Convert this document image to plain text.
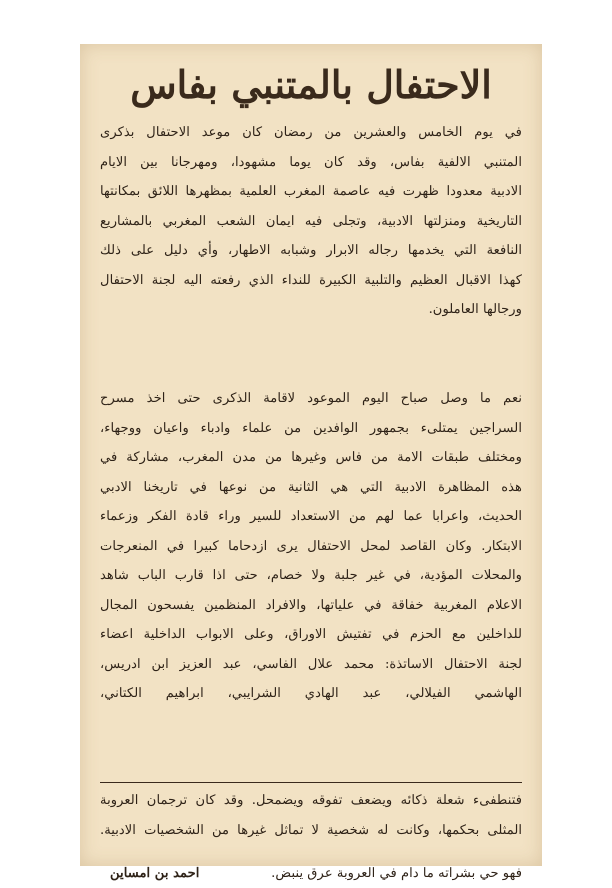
الاحتفال بالمتنبي بفاس
في يوم الخامس والعشرين من رمضان كان موعد الاحتفال بذكرى
المتنبي الالفية بفاس، وقد كان يوما مشهودا، ومهرجانا بين الايام
الادبية معدودا ظهرت فيه عاصمة المغرب العلمية بمظهرها اللائق بمكانتها
التاريخية ومنزلتها الادبية، وتجلى فيه ايمان الشعب المغربي بالمشاريع
النافعة التي يخدمها رجاله الابرار وشبابه الاطهار، وأي دليل على ذلك
كهذا الاقبال العظيم والتلبية الكبيرة للنداء الذي رفعته اليه لجنة الاحتفال
ورجالها العاملون.
نعم ما وصل صباح اليوم الموعود لاقامة الذكرى حتى اخذ مسرح
السراجين يمتلىء بجمهور الوافدين من علماء وادباء واعيان ووجهاء،
ومختلف طبقات الامة من فاس وغيرها من مدن المغرب، مشاركة في
هذه المظاهرة الادبية التي هي الثانية من نوعها في تاريخنا الادبي
الحديث، واعرابا عما لهم من الاستعداد للسير وراء قادة الفكر وزعماء
الابتكار. وكان القاصد لمحل الاحتفال يرى ازدحاما كبيرا في المنعرجات
والمحلات المؤدية، في غير جلبة ولا خصام، حتى اذا قارب الباب شاهد
الاعلام المغربية خفاقة في علياتها، والافراد المنظمين يفسحون المجال
للداخلين مع الحزم في تفتيش الاوراق، وعلى الابواب الداخلية اعضاء
لجنة الاحتفال الاساتذة: محمد علال الفاسي، عبد العزيز ابن ادريس،
الهاشمي الفيلالي، عبد الهادي الشرايبي، ابراهيم الكتاني،
فتنطفىء شعلة ذكائه ويضعف تفوقه ويضمحل. وقد كان ترجمان العروبة
المثلى بحكمها، وكانت له شخصية لا تماثل غيرها من الشخصيات الادبية.
فهو حي بشراته ما دام في العروبة عرق ينبض.
احمد بن امساين
